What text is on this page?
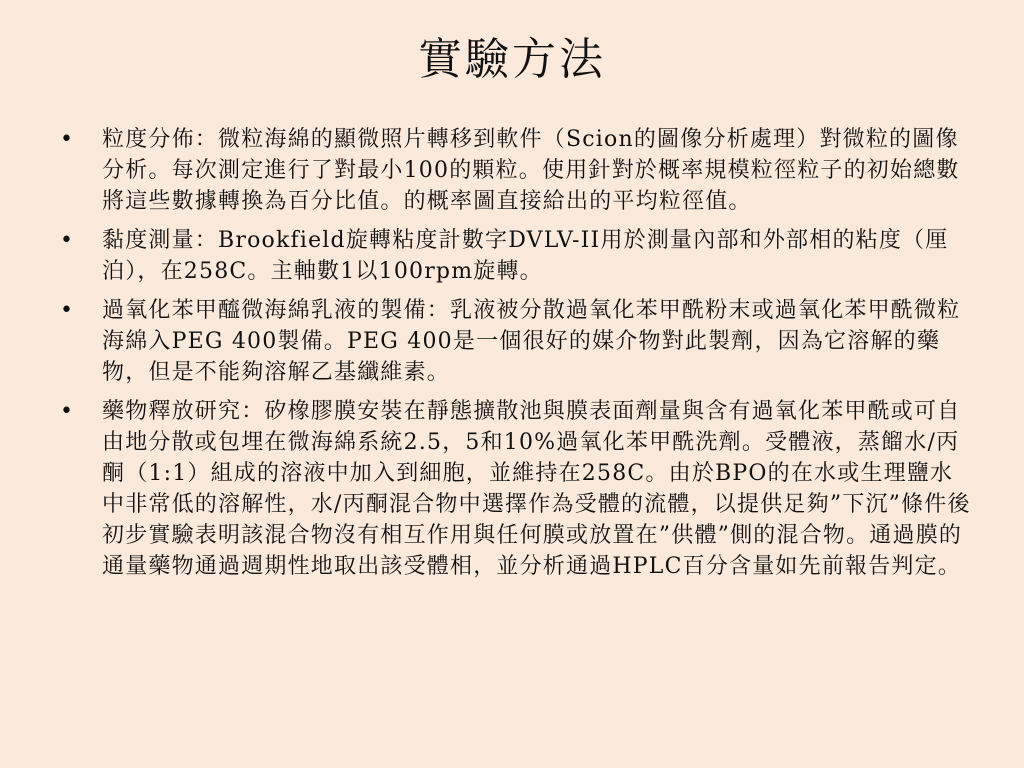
實驗方法
• 粒度分佈：微粒海綿的顯微照片轉移到軟件（Scion的圖像分析處理）對微粒的圖像分析。每次測定進行了對最小100的顆粒。使用針對於概率規模粒徑粒子的初始總數將這些數據轉換為百分比值。的概率圖直接給出的平均粒徑值。
• 黏度測量：Brookfield旋轉粘度計數字DVLV-II用於測量內部和外部相的粘度（厘泊），在258C。主軸數1以100rpm旋轉。
• 過氧化苯甲醯微海綿乳液的製備：乳液被分散過氧化苯甲酰粉末或過氧化苯甲酰微粒海綿入PEG 400製備。PEG 400是一個很好的媒介物對此製劑，因為它溶解的藥物，但是不能夠溶解乙基纖維素。
• 藥物釋放研究：矽橡膠膜安裝在靜態擴散池與膜表面劑量與含有過氧化苯甲酰或可自由地分散或包埋在微海綿系統2.5，5和10%過氧化苯甲酰洗劑。受體液，蒸餾水/丙酮（1:1）組成的溶液中加入到細胞，並維持在258C。由於BPO的在水或生理鹽水中非常低的溶解性，水/丙酮混合物中選擇作為受體的流體，以提供足夠”下沉”條件後初步實驗表明該混合物沒有相互作用與任何膜或放置在”供體”側的混合物。通過膜的通量藥物通過週期性地取出該受體相，並分析通過HPLC百分含量如先前報告判定。
